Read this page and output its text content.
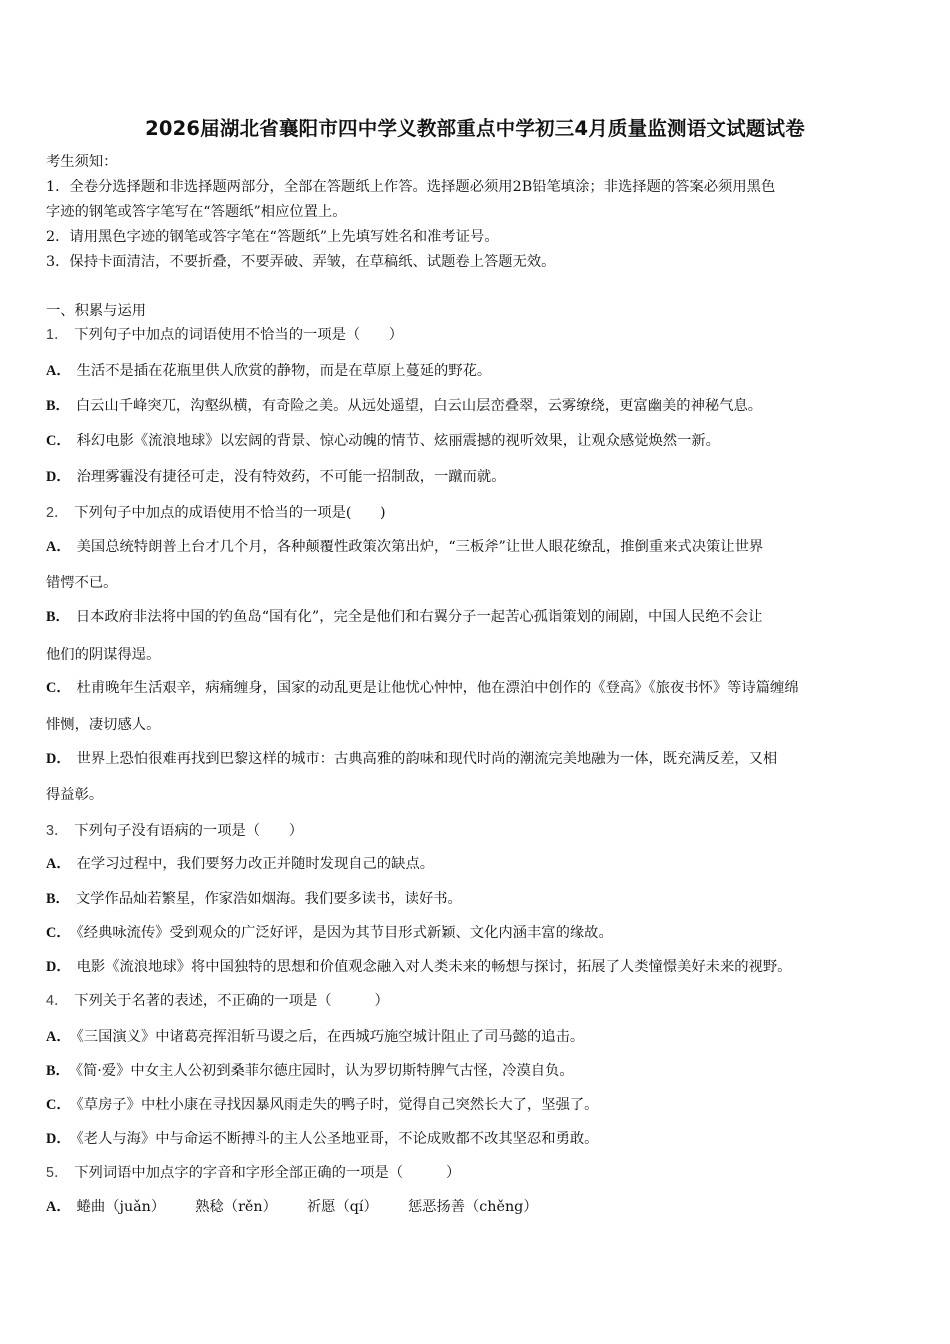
2026届湖北省襄阳市四中学义教部重点中学初三4月质量监测语文试题试卷
考生须知：
1．全卷分选择题和非选择题两部分，全部在答题纸上作答。选择题必须用2B铅笔填涂；非选择题的答案必须用黑色
字迹的钢笔或答字笔写在“答题纸”相应位置上。
2．请用黑色字迹的钢笔或答字笔在“答题纸”上先填写姓名和准考证号。
3．保持卡面清洁，不要折叠，不要弄破、弄皱，在草稿纸、试题卷上答题无效。
一、积累与运用
1． 下列句子中加点的词语使用不恰当的一项是（　　）
A． 生活不是插在花瓶里供人欣赏的静物，而是在草原上蔓延的野花。
B． 白云山千峰突兀，沟壑纵横，有奇险之美。从远处遥望，白云山层峦叠翠，云雾缭绕，更富幽美的神秘气息。
C． 科幻电影《流浪地球》以宏阔的背景、惊心动魄的情节、炫丽震撼的视听效果，让观众感觉焕然一新。
D． 治理雾霾没有捷径可走，没有特效药，不可能一招制敌，一蹴而就。
2． 下列句子中加点的成语使用不恰当的一项是(　　)
A． 美国总统特朗普上台才几个月，各种颠覆性政策次第出炉，“三板斧”让世人眼花缭乱，推倒重来式决策让世界
错愕不已。
B． 日本政府非法将中国的钓鱼岛“国有化”，完全是他们和右翼分子一起苦心孤诣策划的闹剧，中国人民绝不会让
他们的阴谋得逞。
C． 杜甫晚年生活艰辛，病痛缠身，国家的动乱更是让他忧心忡忡，他在漂泊中创作的《登高》《旅夜书怀》等诗篇缠绵
悱恻，凄切感人。
D． 世界上恐怕很难再找到巴黎这样的城市：古典高雅的韵味和现代时尚的潮流完美地融为一体，既充满反差，又相
得益彰。
3． 下列句子没有语病的一项是（　　）
A． 在学习过程中，我们要努力改正并随时发现自己的缺点。
B． 文学作品灿若繁星，作家浩如烟海。我们要多读书，读好书。
C． 《经典咏流传》受到观众的广泛好评，是因为其节目形式新颖、文化内涵丰富的缘故。
D． 电影《流浪地球》将中国独特的思想和价值观念融入对人类未来的畅想与探讨，拓展了人类憧憬美好未来的视野。
4． 下列关于名著的表述，不正确的一项是（　　　）
A． 《三国演义》中诸葛亮挥泪斩马谡之后，在西城巧施空城计阻止了司马懿的追击。
B． 《简·爱》中女主人公初到桑菲尔德庄园时，认为罗切斯特脾气古怪，冷漠自负。
C． 《草房子》中杜小康在寻找因暴风雨走失的鸭子时，觉得自己突然长大了，坚强了。
D． 《老人与海》中与命运不断搏斗的主人公圣地亚哥，不论成败都不改其坚忍和勇敢。
5． 下列词语中加点字的字音和字形全部正确的一项是（　　　）
A． 蜷曲（juǎn） 熟稔（rěn） 祈愿（qí） 惩恶扬善（chěng）
